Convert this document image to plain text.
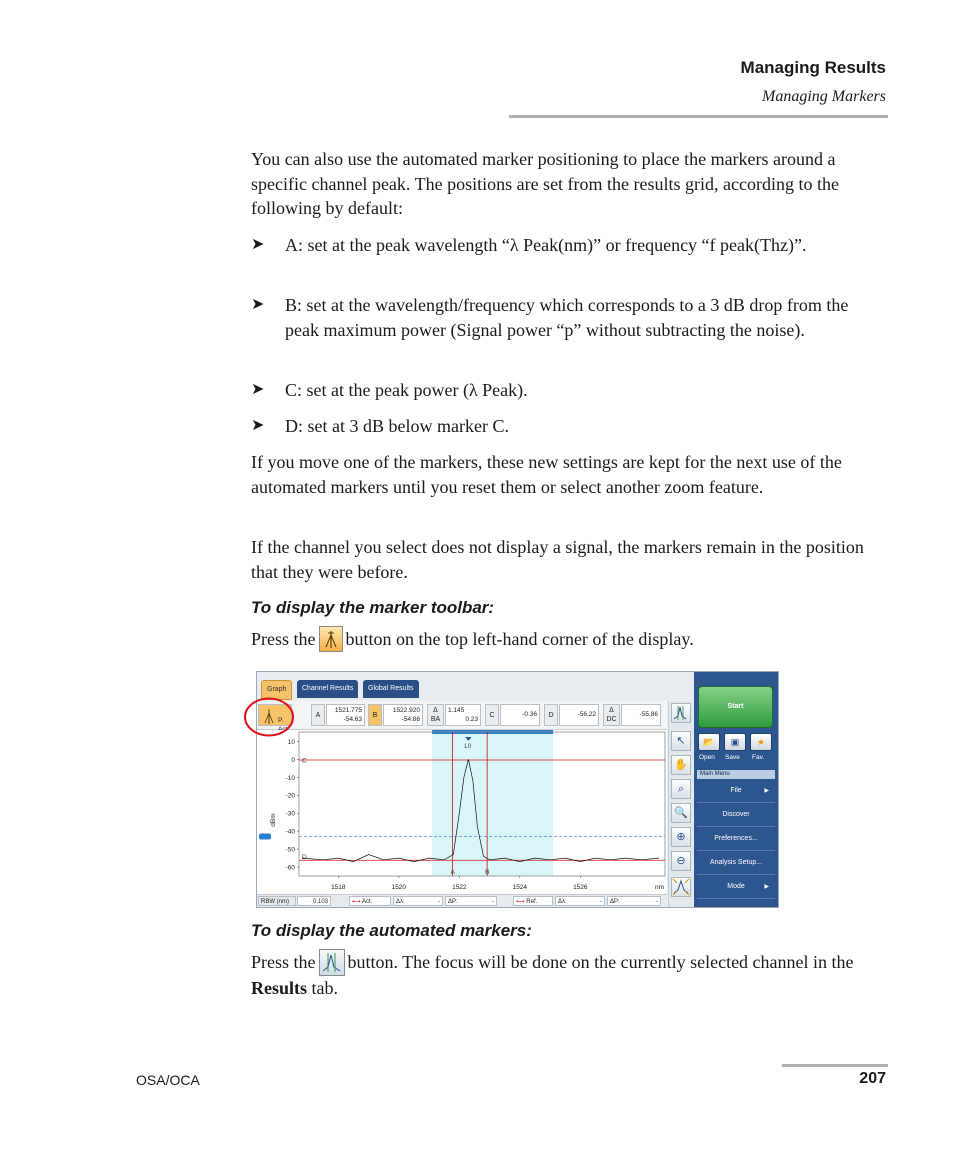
Managing Results
Managing Markers

You can also use the automated marker positioning to place the markers around a specific channel peak. The positions are set from the results grid, according to the following by default:

➤ A: set at the peak wavelength “λ Peak(nm)” or frequency “f peak(Thz)”.
➤ B: set at the wavelength/frequency which corresponds to a 3 dB drop from the peak maximum power (Signal power “p” without subtracting the noise).
➤ C: set at the peak power (λ Peak).
➤ D: set at 3 dB below marker C.

If you move one of the markers, these new settings are kept for the next use of the automated markers until you reset them or select another zoom feature.

If the channel you select does not display a signal, the markers remain in the position that they were before.

To display the marker toolbar:
Press the button on the top left-hand corner of the display.
Graph	Channel Results	Global Results
P.
A
1521.775
-54.63
B
1522.920
-54.86
Δ BA
1.145
0.23
C	-0.36	D	-56.22
Δ DC
-55.86
10
0
-10
-20
-30
-40
-50
-60
dBm
1518	1520	1522	1524	1526	nm
C
D
A	B
L0
RBW (nm)	0.103	⟷ Act.	Δλ:	-	ΔP:	-	⟷ Ref.	Δλ:	-	ΔP:	-
↖
✋
⌕
🔍
⊕
⊖
Start
📂	▣	★
Open Save Fav.
Main Menu
File	▶
Discover
Preferences...
Analysis Setup...
Mode	▶
To display the automated markers:
Press the button. The focus will be done on the currently selected channel in the Results tab.
OSA/OCA	207
